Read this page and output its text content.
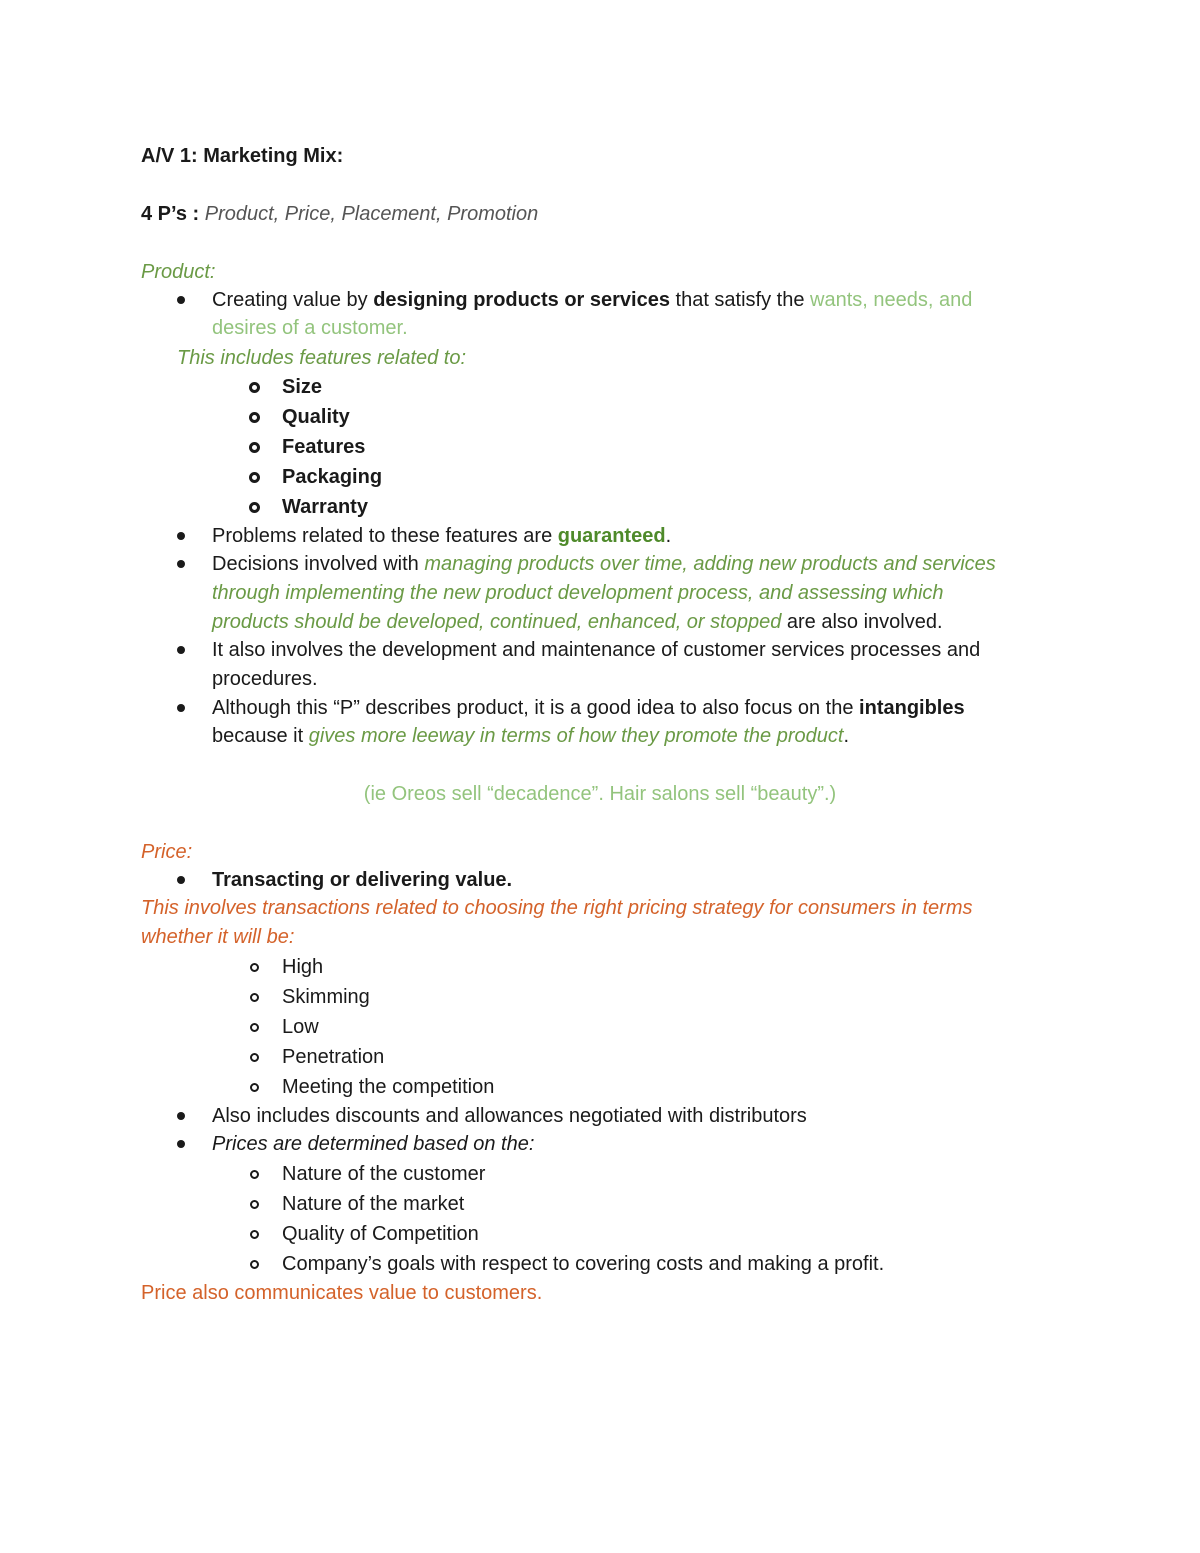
A/V 1: Marketing Mix:
4 P’s : Product, Price, Placement, Promotion
Product:
Creating value by designing products or services that satisfy the wants, needs, and
desires of a customer.
This includes features related to:
Size
Quality
Features
Packaging
Warranty
Problems related to these features are guaranteed.
Decisions involved with managing products over time, adding new products and services
through implementing the new product development process, and assessing which
products should be developed, continued, enhanced, or stopped are also involved.
It also involves the development and maintenance of customer services processes and
procedures.
Although this “P” describes product, it is a good idea to also focus on the intangibles
because it gives more leeway in terms of how they promote the product.
(ie Oreos sell “decadence”. Hair salons sell “beauty”.)
Price:
Transacting or delivering value.
This involves transactions related to choosing the right pricing strategy for consumers in terms
whether it will be:
High
Skimming
Low
Penetration
Meeting the competition
Also includes discounts and allowances negotiated with distributors
Prices are determined based on the:
Nature of the customer
Nature of the market
Quality of Competition
Company’s goals with respect to covering costs and making a profit.
Price also communicates value to customers.
